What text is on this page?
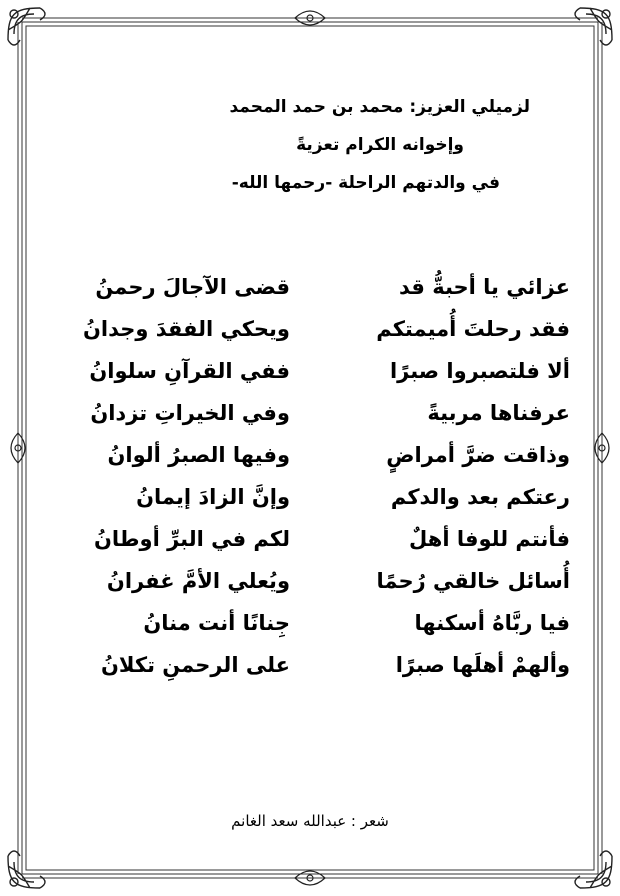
لزميلي العزيز: محمد بن حمد المحمد
وإخوانه الكرام تعزيةً
في والدتهم الراحلة -رحمها الله-
عزائي يا أحبةُّ قد
قضى الآجالَ رحمنُ
فقد رحلتَ أُميمتكم
ويحكي الفقدَ وجدانُ
ألا فلتصبروا صبرًا
ففي القرآنِ سلوانُ
عرفناها مربيةً
وفي الخيراتِ تزدانُ
وذاقت ضرَّ أمراضٍ
وفيها الصبرُ ألوانُ
رعتكم بعد والدكم
وإنَّ الزادَ إيمانُ
فأنتم للوفا أهلٌ
لكم في البرِّ أوطانُ
أُسائل خالقي رُحمًا
ويُعلي الأمَّ غفرانُ
فيا ربَّاهُ أسكنها
جِنانًا أنت منانُ
وألهمْ أهلَها صبرًا
على الرحمنِ تكلانُ
شعر : عبدالله سعد الغانم
